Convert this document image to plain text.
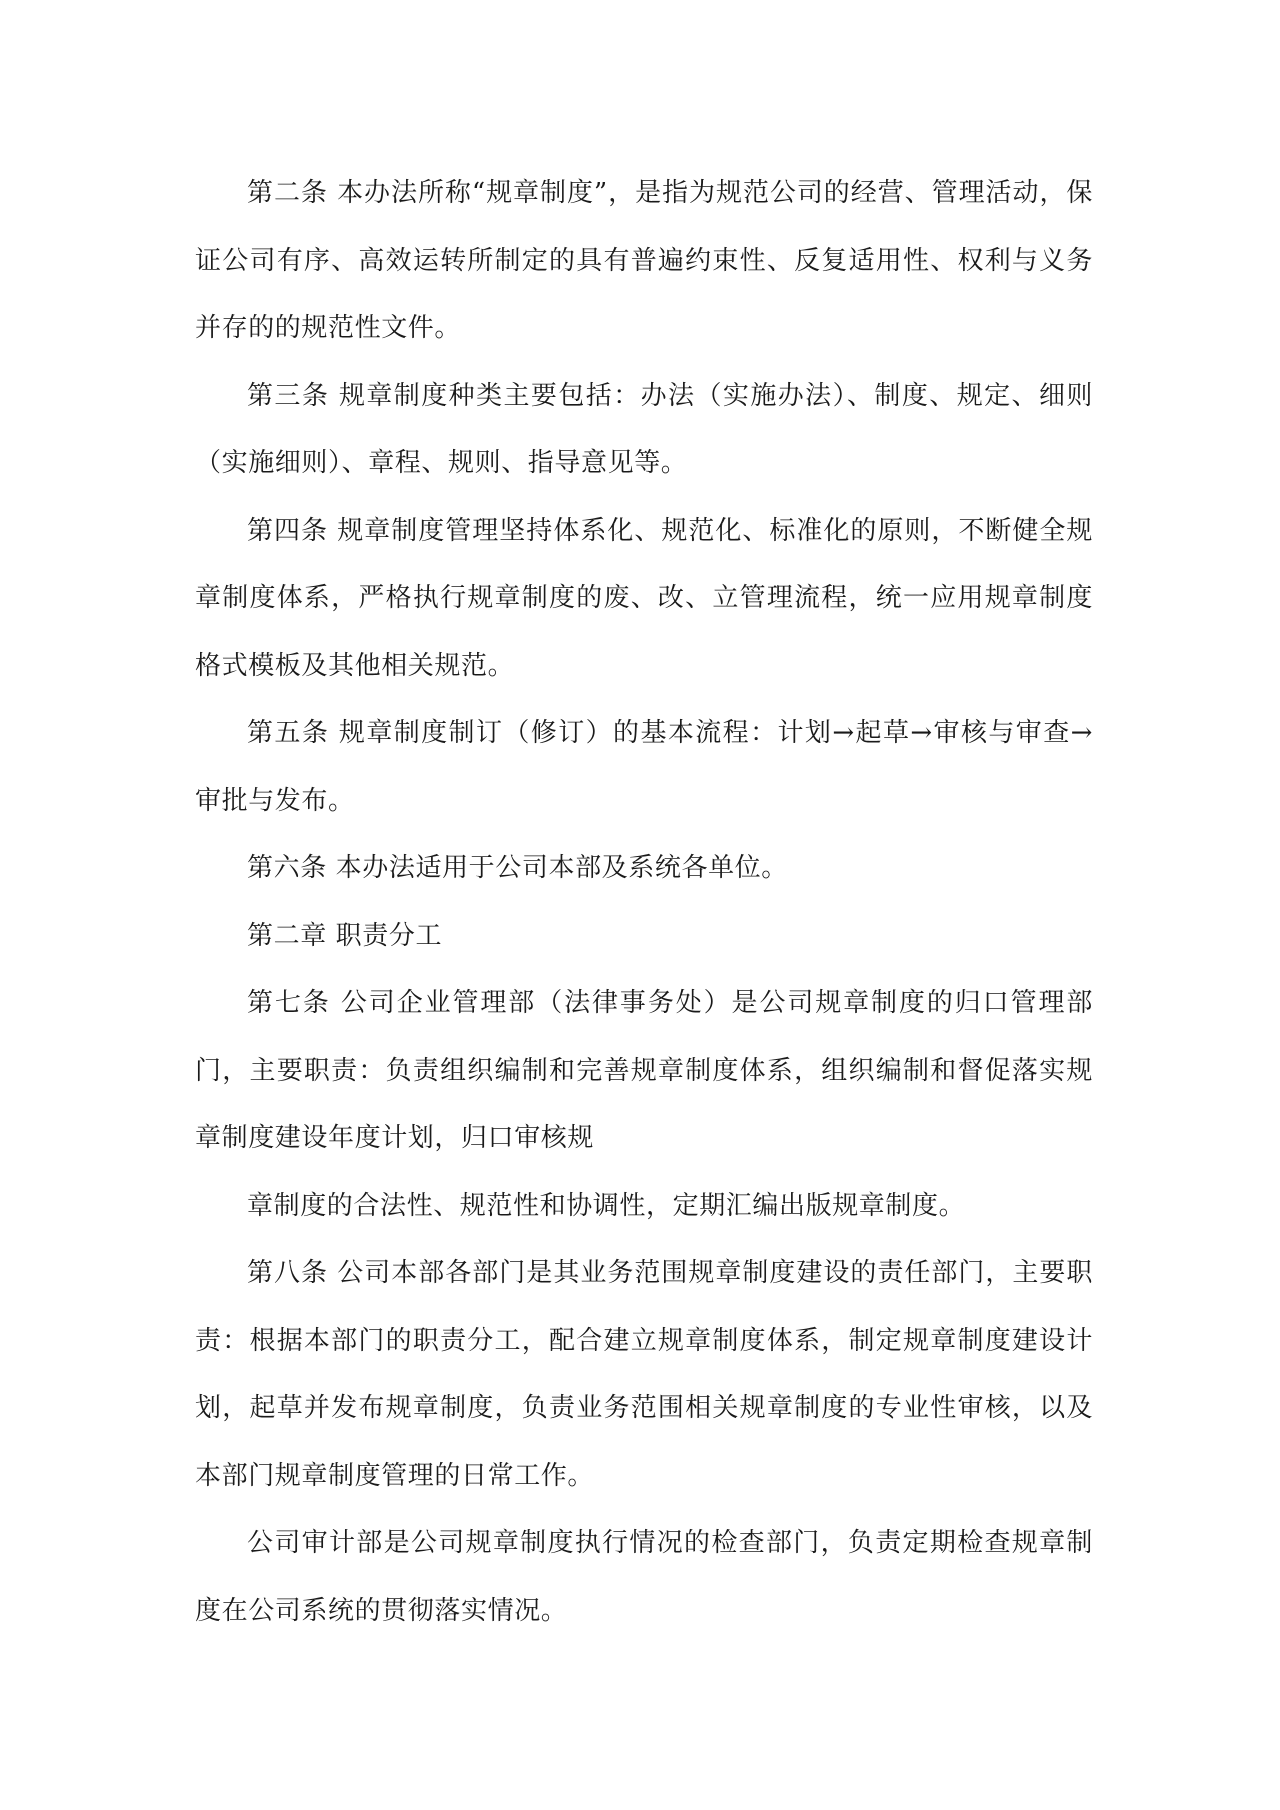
第二条 本办法所称“规章制度”，是指为规范公司的经营、管理活动，保证公司有序、高效运转所制定的具有普遍约束性、反复适用性、权利与义务并存的的规范性文件。

第三条 规章制度种类主要包括：办法（实施办法）、制度、规定、细则（实施细则）、章程、规则、指导意见等。

第四条 规章制度管理坚持体系化、规范化、标准化的原则，不断健全规章制度体系，严格执行规章制度的废、改、立管理流程，统一应用规章制度格式模板及其他相关规范。

第五条 规章制度制订（修订）的基本流程：计划→起草→审核与审查→审批与发布。

第六条 本办法适用于公司本部及系统各单位。

第二章 职责分工

第七条 公司企业管理部（法律事务处）是公司规章制度的归口管理部门，主要职责：负责组织编制和完善规章制度体系，组织编制和督促落实规章制度建设年度计划，归口审核规

章制度的合法性、规范性和协调性，定期汇编出版规章制度。

第八条 公司本部各部门是其业务范围规章制度建设的责任部门，主要职责：根据本部门的职责分工，配合建立规章制度体系，制定规章制度建设计划，起草并发布规章制度，负责业务范围相关规章制度的专业性审核，以及本部门规章制度管理的日常工作。

公司审计部是公司规章制度执行情况的检查部门，负责定期检查规章制度在公司系统的贯彻落实情况。
